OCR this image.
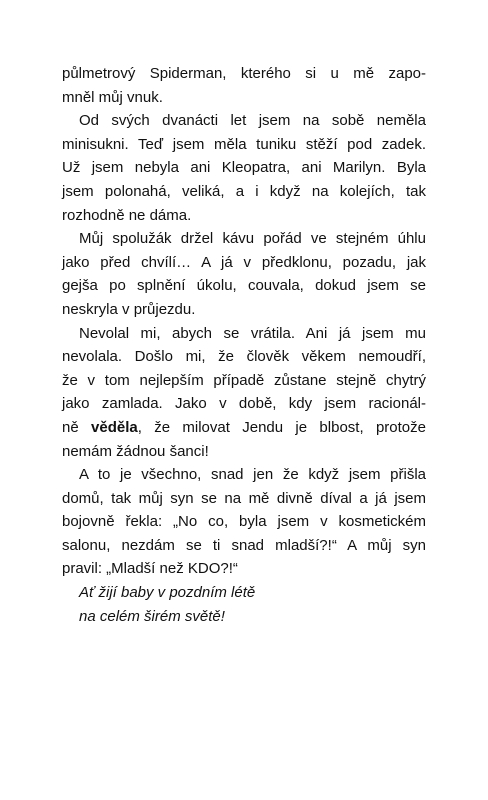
půlmetrový Spiderman, kterého si u mě zapo-
mněl můj vnuk.
Od svých dvanácti let jsem na sobě neměla
minisukni. Teď jsem měla tuniku stěží pod zadek.
Už jsem nebyla ani Kleopatra, ani Marilyn. Byla
jsem polonahá, veliká, a i když na kolejích, tak
rozhodně ne dáma.
Můj spolužák držel kávu pořád ve stejném úhlu
jako před chvílí… A já v předklonu, pozadu, jak
gejša po splnění úkolu, couvala, dokud jsem se
neskryla v průjezdu.
Nevolal mi, abych se vrátila. Ani já jsem mu
nevolala. Došlo mi, že člověk věkem nemoudří,
že v tom nejlepším případě zůstane stejně chytrý
jako zamlada. Jako v době, kdy jsem racionál-
ně věděla, že milovat Jendu je blbost, protože
nemám žádnou šanci!
A to je všechno, snad jen že když jsem přišla
domů, tak můj syn se na mě divně díval a já jsem
bojovně řekla: „No co, byla jsem v kosmetickém
salonu, nezdám se ti snad mladší?!“ A můj syn
pravil: „Mladší než KDO?!“
Ať žijí baby v pozdním létě
na celém širém světě!
